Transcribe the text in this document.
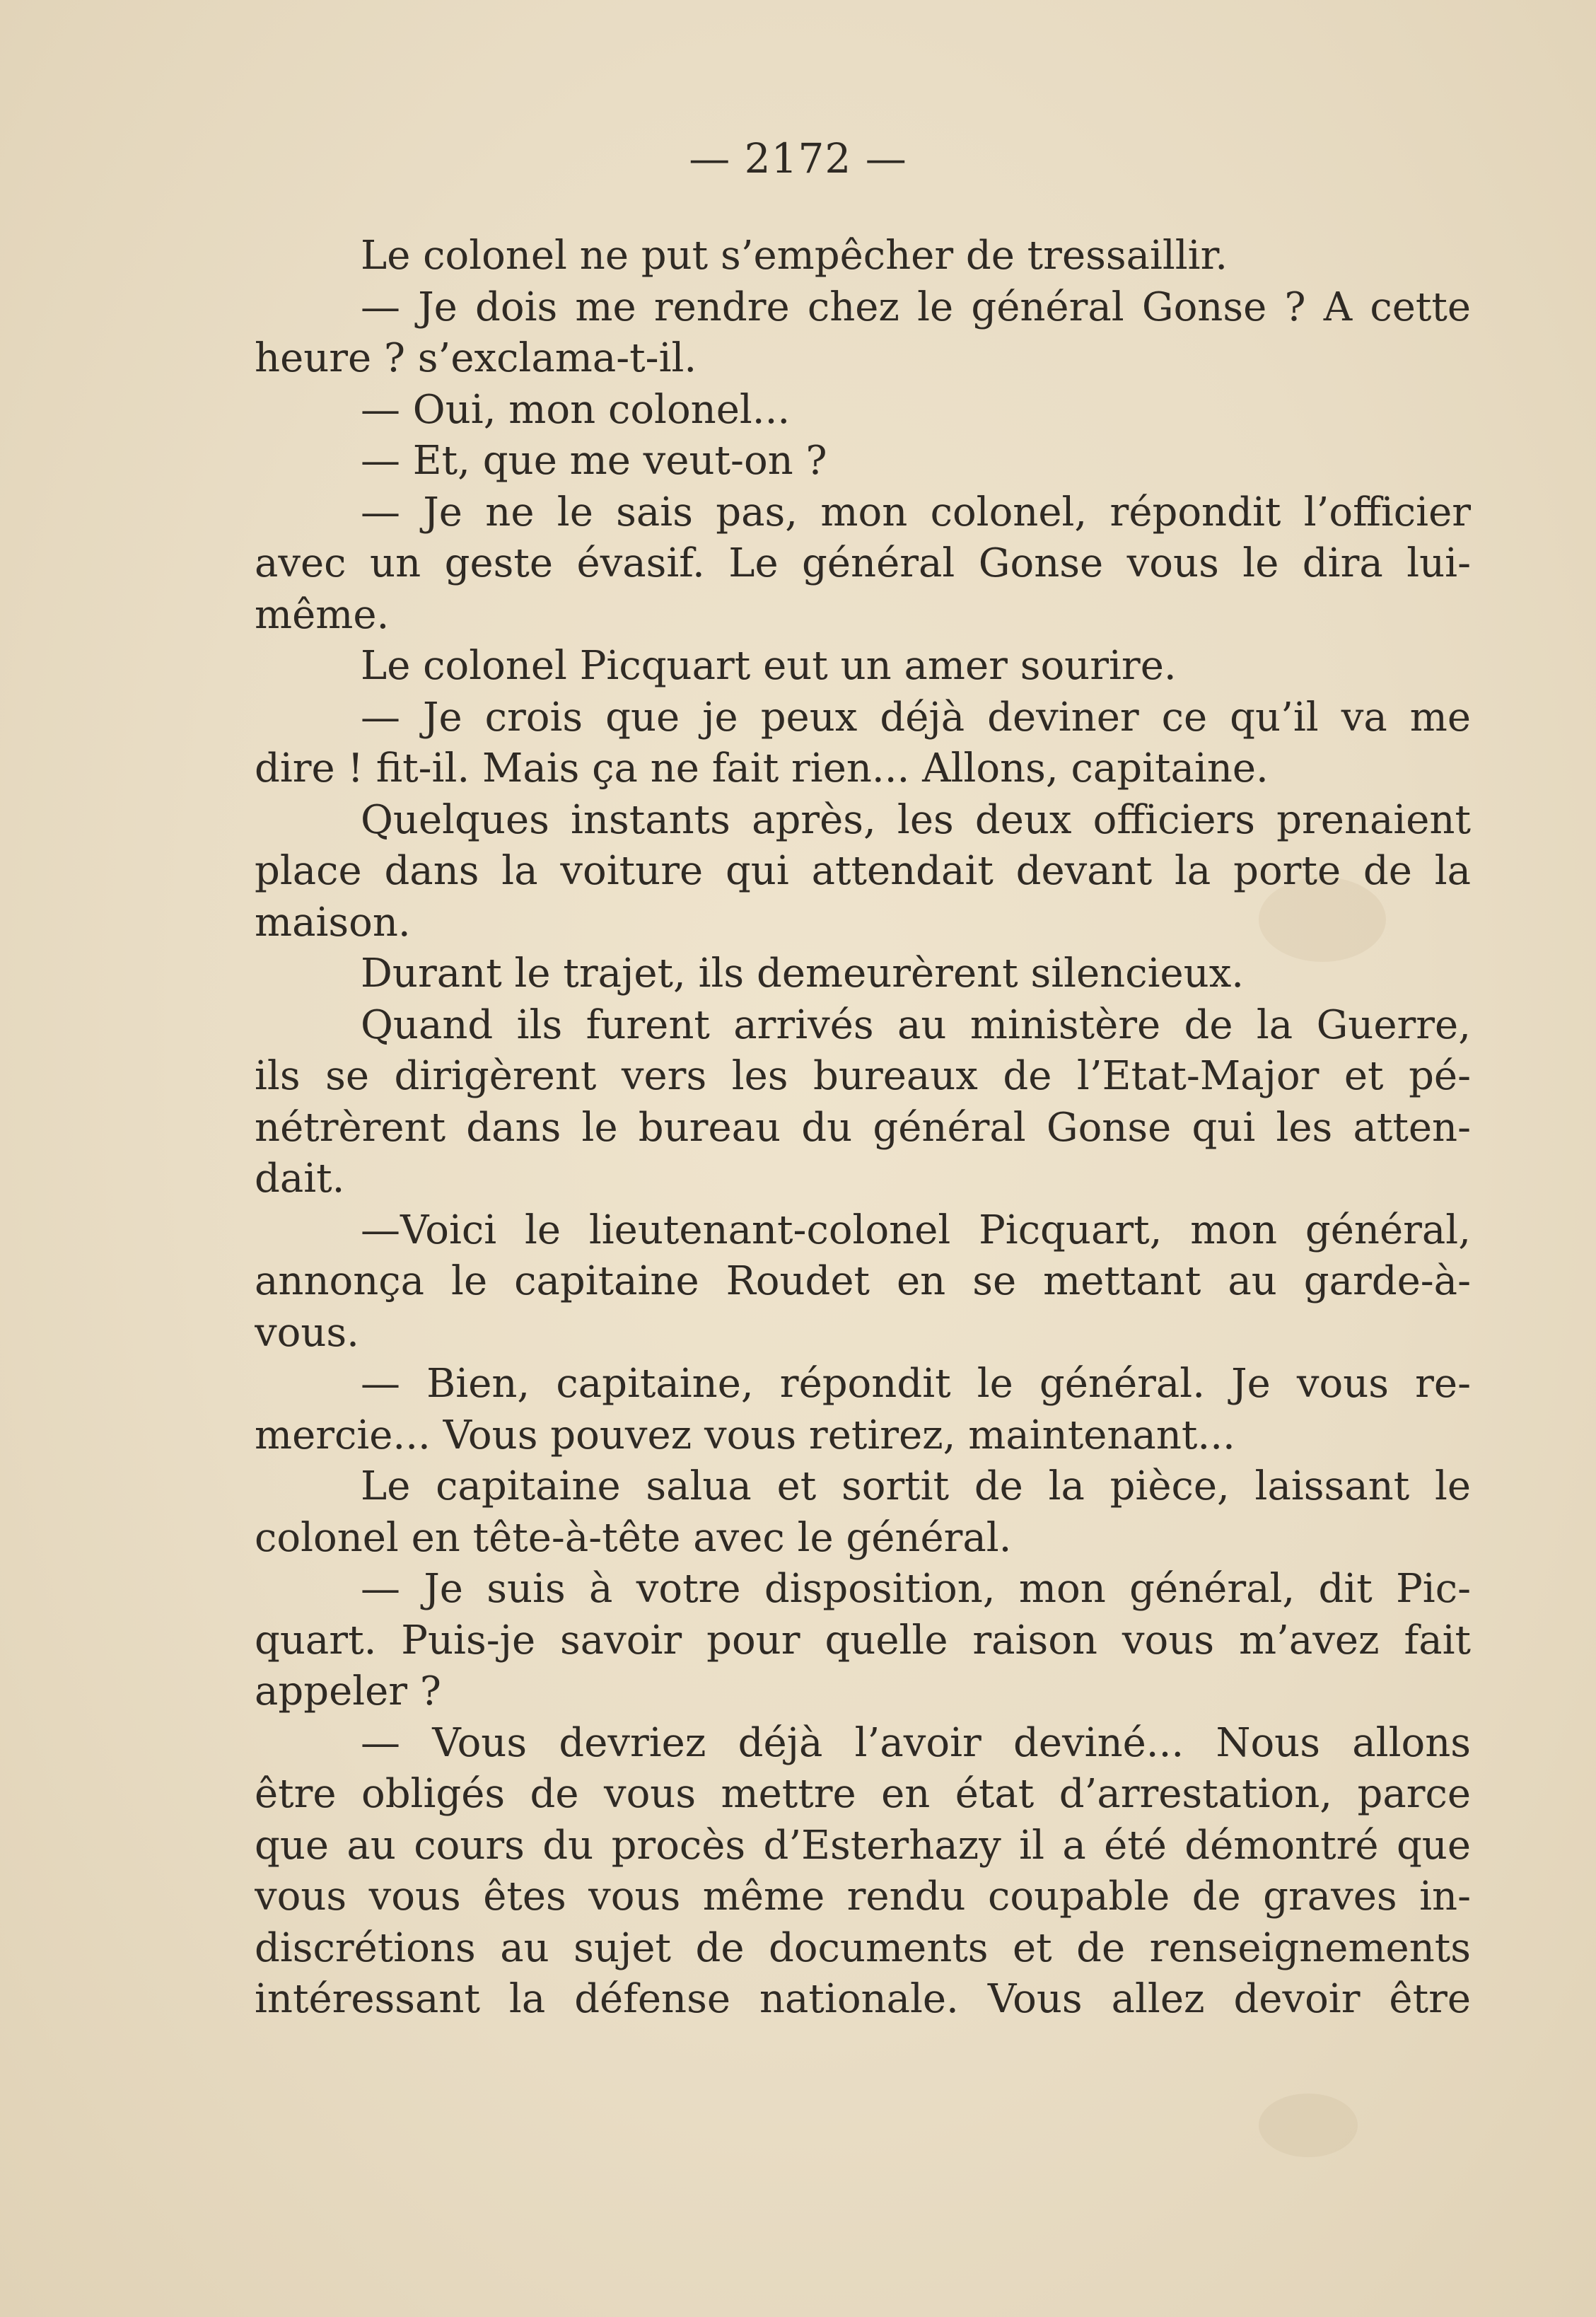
— 2172 —
Le colonel ne put s’empêcher de tressaillir.
— Je dois me rendre chez le général Gonse ? A cette
heure ? s’exclama-t-il.
— Oui, mon colonel...
— Et, que me veut-on ?
— Je ne le sais pas, mon colonel, répondit l’officier
avec un geste évasif. Le général Gonse vous le dira lui-
même.
Le colonel Picquart eut un amer sourire.
— Je crois que je peux déjà deviner ce qu’il va me
dire ! fit-il. Mais ça ne fait rien... Allons, capitaine.
Quelques instants après, les deux officiers prenaient
place dans la voiture qui attendait devant la porte de la
maison.
Durant le trajet, ils demeurèrent silencieux.
Quand ils furent arrivés au ministère de la Guerre,
ils se dirigèrent vers les bureaux de l’Etat-Major et pé-
nétrèrent dans le bureau du général Gonse qui les atten-
dait.
—Voici le lieutenant-colonel Picquart, mon général,
annonça le capitaine Roudet en se mettant au garde-à-
vous.
— Bien, capitaine, répondit le général. Je vous re-
mercie... Vous pouvez vous retirez, maintenant...
Le capitaine salua et sortit de la pièce, laissant le
colonel en tête-à-tête avec le général.
— Je suis à votre disposition, mon général, dit Pic-
quart. Puis-je savoir pour quelle raison vous m’avez fait
appeler ?
— Vous devriez déjà l’avoir deviné... Nous allons
être obligés de vous mettre en état d’arrestation, parce
que au cours du procès d’Esterhazy il a été démontré que
vous vous êtes vous même rendu coupable de graves in-
discrétions au sujet de documents et de renseignements
intéressant la défense nationale. Vous allez devoir être
